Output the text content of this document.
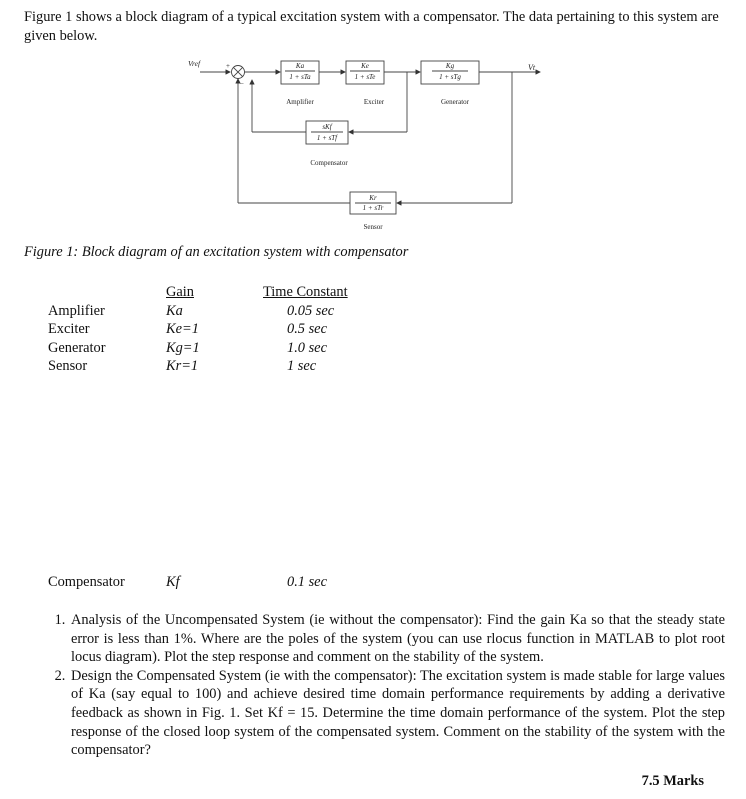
Figure 1 shows a block diagram of a typical excitation system with a compensator. The data pertaining to this system are given below.
Vref	Vt
+
−
Ka
1 + sTa
Amplifier
Ke
1 + sTe
Exciter
Kg
1 + sTg
Generator
sKf
1 + sTf
Compensator
Kr
1 + sTr
Sensor
Figure 1: Block diagram of an excitation system with compensator
Gain	Time Constant
Amplifier	Ka	0.05 sec
Exciter	Ke=1	0.5 sec
Generator	Kg=1	1.0 sec
Sensor	Kr=1	1 sec
Compensator	Kf	0.1 sec
1. Analysis of the Uncompensated System (ie without the compensator): Find the gain Ka so that the steady state error is less than 1%. Where are the poles of the system (you can use rlocus function in MATLAB to plot root locus diagram). Plot the step response and comment on the stability of the system.
2. Design the Compensated System (ie with the compensator): The excitation system is made stable for large values of Ka (say equal to 100) and achieve desired time domain performance requirements by adding a derivative feedback as shown in Fig. 1. Set Kf = 15. Determine the time domain performance of the system. Plot the step response of the closed loop system of the compensated system. Comment on the stability of the system with the compensator?
7.5 Marks
